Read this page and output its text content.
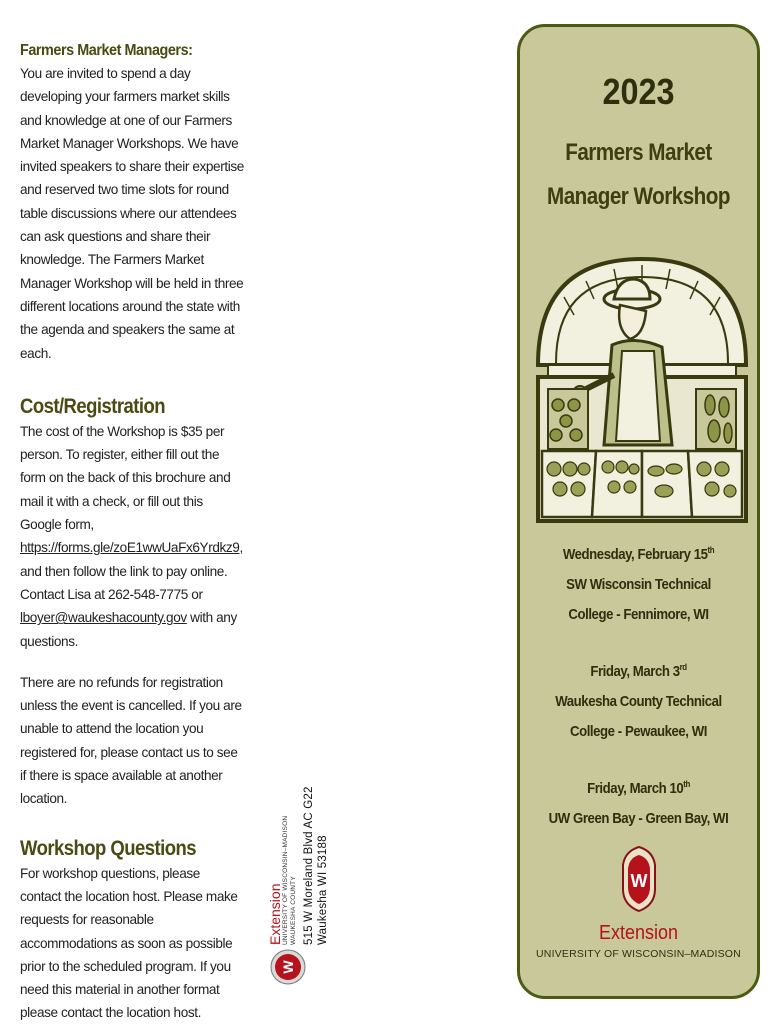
Farmers Market Managers:

You are invited to spend a day developing your farmers market skills and knowledge at one of our Farmers Market Manager Workshops. We have invited speakers to share their expertise and reserved two time slots for round table discussions where our attendees can ask questions and share their knowledge. The Farmers Market Manager Workshop will be held in three different locations around the state with the agenda and speakers the same at each.

Cost/Registration

The cost of the Workshop is $35 per person. To register, either fill out the form on the back of this brochure and mail it with a check, or fill out this Google form, https://forms.gle/zoE1wwUaFx6Yrdkz9, and then follow the link to pay online. Contact Lisa at 262-548-7775 or lboyer@waukeshacounty.gov with any questions.

There are no refunds for registration unless the event is cancelled. If you are unable to attend the location you registered for, please contact us to see if there is space available at another location.

Workshop Questions

For workshop questions, please contact the location host. Please make requests for reasonable accommodations as soon as possible prior to the scheduled program. If you need this material in another format please contact the location host.

W
Extension UNIVERSITY OF WISCONSIN–MADISON WAUKESHA COUNTY 515 W Moreland Blvd AC G22 Waukesha WI 53188
2023
Farmers Market
Manager Workshop
Wednesday, February 15th
SW Wisconsin Technical
College - Fennimore, WI
Friday, March 3rd
Waukesha County Technical
College - Pewaukee, WI
Friday, March 10th
UW Green Bay - Green Bay, WI
W
Extension
UNIVERSITY OF WISCONSIN–MADISON
